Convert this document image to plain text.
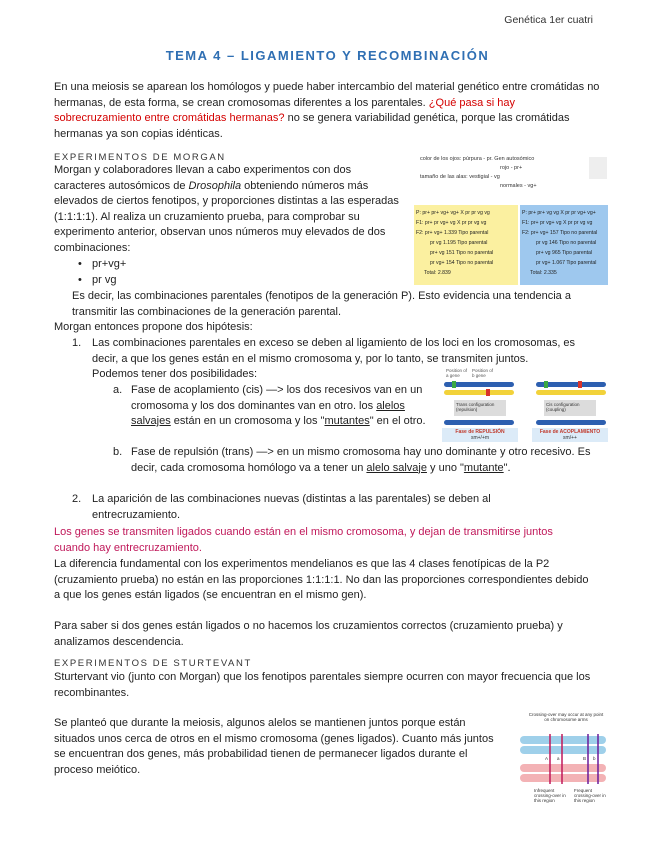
Genética 1er cuatri
TEMA 4 – LIGAMIENTO Y RECOMBINACIÓN

En una meiosis se aparean los homólogos y puede haber intercambio del material genético entre cromátidas no hermanas, de esta forma, se crean cromosomas diferentes a los parentales. ¿Qué pasa si hay sobrecruzamiento entre cromátidas hermanas? no se genera variabilidad genética, porque las cromátidas hermanas ya son copias idénticas.

EXPERIMENTOS DE MORGAN

Morgan y colaboradores llevan a cabo experimentos con dos caracteres autosómicos de Drosophila obteniendo números más elevados de ciertos fenotipos, y proporciones distintas a las esperadas (1:1:1:1). Al realiza un cruzamiento prueba, para comprobar su experimento anterior, observan unos números muy elevados de dos combinaciones:

• pr+vg+
• pr vg

Es decir, las combinaciones parentales (fenotipos de la generación P). Esto evidencia una tendencia a transmitir las combinaciones de la generación parental.

Morgan entonces propone dos hipótesis:

1. Las combinaciones parentales en exceso se deben al ligamiento de los loci en los cromosomas, es decir, a que los genes están en el mismo cromosoma y, por lo tanto, se transmiten juntos.
Podemos tener dos posibilidades:
a. Fase de acoplamiento (cis) —> los dos recesivos van en un cromosoma y los dos dominantes van en otro. los alelos salvajes están en un cromosoma y los "mutantes" en el otro.
b. Fase de repulsión (trans) —> en un mismo cromosoma hay uno dominante y otro recesivo. Es decir, cada cromosoma homólogo va a tener un alelo salvaje y uno "mutante".
2. La aparición de las combinaciones nuevas (distintas a las parentales) se deben al entrecruzamiento.

Los genes se transmiten ligados cuando están en el mismo cromosoma, y dejan de transmitirse juntos cuando hay entrecruzamiento.

La diferencia fundamental con los experimentos mendelianos es que las 4 clases fenotípicas de la P2 (cruzamiento prueba) no están en las proporciones 1:1:1:1. No dan las proporciones correspondientes debido a que los genes están ligados (se encuentran en el mismo gen).

Para saber si dos genes están ligados o no hacemos los cruzamientos correctos (cruzamiento prueba) y analizamos descendencia.

EXPERIMENTOS DE STURTEVANT

Sturtervant vio (junto con Morgan) que los fenotipos parentales siempre ocurren con mayor frecuencia que los recombinantes.

Se planteó que durante la meiosis, algunos alelos se mantienen juntos porque están situados unos cerca de otros en el mismo cromosoma (genes ligados). Cuanto más juntos se encuentran dos genes, más probabilidad tienen de permanecer ligados durante el proceso meiótico.

color de los ojos: púrpura - pr. Gen autosómico
rojo - pr+
tamaño de las alas: vestigial - vg
normales - vg+
P: pr+ pr+ vg+ vg+ X pr pr vg vg
F1: pr+ pr vg+ vg X pr pr vg vg
F2: pr+ vg+ 1.339 Tipo parental
pr vg 1.195 Tipo parental
pr+ vg 151 Tipo no parental
pr vg+ 154 Tipo no parental
Total: 2.839
P: pr+ pr+ vg vg X pr pr vg+ vg+
F1: pr+ pr vg+ vg X pr pr vg vg
F2: pr+ vg+ 157 Tipo no parental
pr vg 146 Tipo no parental
pr+ vg 965 Tipo parental
pr vg+ 1.067 Tipo parental
Total: 2.335
Position of a gene
Position of b gene
Trans configuration (repulsion)
Cis configuration (coupling)
Fase de REPULSIÓN
sm+/+m
Fase de ACOPLAMIENTO
sm/++
Crossing-over may occur at any point on chromosome arms
A a	B b
Infrequent crossing-over in this region
Frequent crossing-over in this region
